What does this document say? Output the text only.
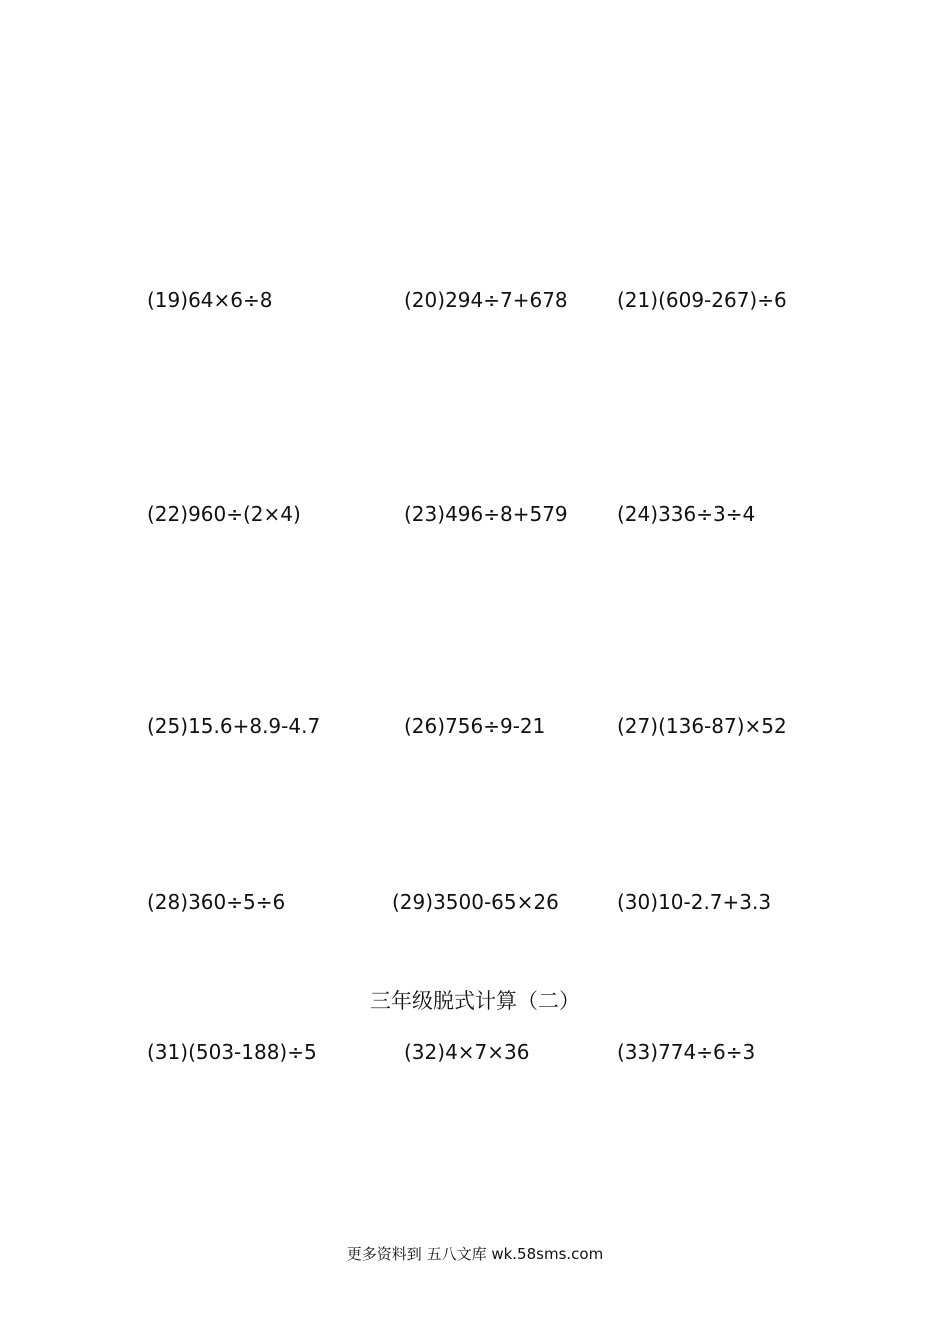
(19)64×6÷8	(20)294÷7+678 (21)(609-267)÷6
(22)960÷(2×4)	(23)496÷8+579 (24)336÷3÷4
(25)15.6+8.9-4.7	(26)756÷9-21	(27)(136-87)×52
(28)360÷5÷6	(29)3500-65×26	(30)10-2.7+3.3
三年级脱式计算（二）
(31)(503-188)÷5	(32)4×7×36	(33)774÷6÷3
更多资料到 五八文库 wk.58sms.com
